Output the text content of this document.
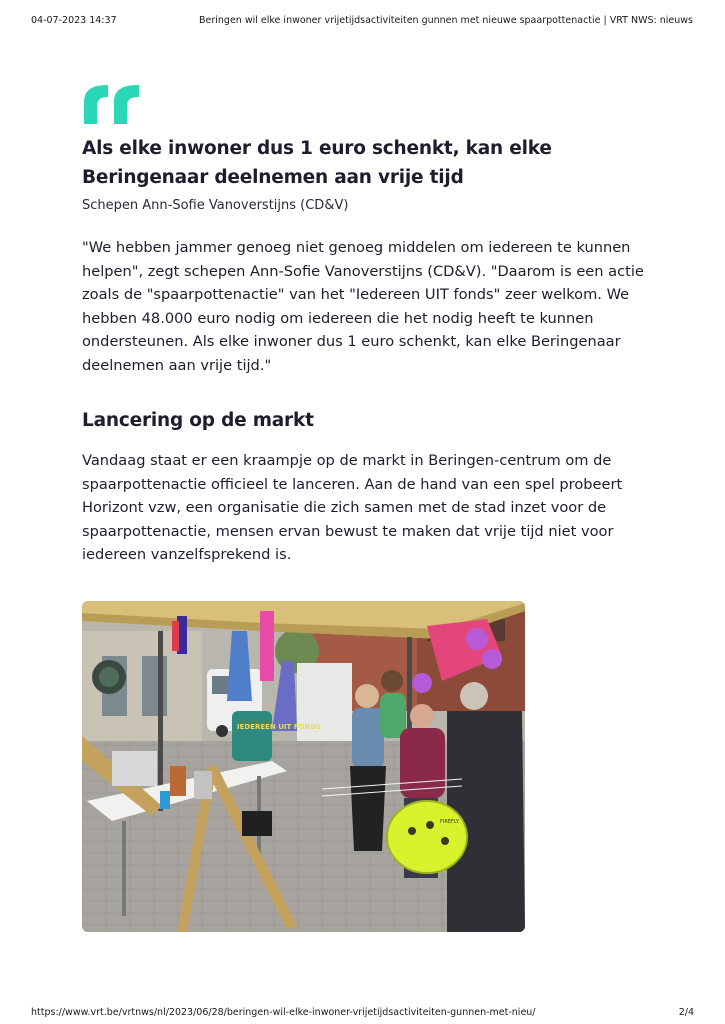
04-07-2023 14:37	Beringen wil elke inwoner vrijetijdsactiviteiten gunnen met nieuwe spaarpottenactie | VRT NWS: nieuws
Als elke inwoner dus 1 euro schenkt, kan elke Beringenaar deelnemen aan vrije tijd
Schepen Ann-Sofie Vanoverstijns (CD&V)

"We hebben jammer genoeg niet genoeg middelen om iedereen te kunnen helpen", zegt schepen Ann-Sofie Vanoverstijns (CD&V). "Daarom is een actie zoals de "spaarpottenactie" van het "Iedereen UIT fonds" zeer welkom. We hebben 48.000 euro nodig om iedereen die het nodig heeft te kunnen ondersteunen. Als elke inwoner dus 1 euro schenkt, kan elke Beringenaar deelnemen aan vrije tijd."

Lancering op de markt

Vandaag staat er een kraampje op de markt in Beringen-centrum om de spaarpottenactie officieel te lanceren. Aan de hand van een spel probeert Horizont vzw, een organisatie die zich samen met de stad inzet voor de spaarpottenactie, mensen ervan bewust te maken dat vrije tijd niet voor iedereen vanzelfsprekend is.

IEDEREEN UIT FONDS
FIREFLY
https://www.vrt.be/vrtnws/nl/2023/06/28/beringen-wil-elke-inwoner-vrijetijdsactiviteiten-gunnen-met-nieu/	2/4
